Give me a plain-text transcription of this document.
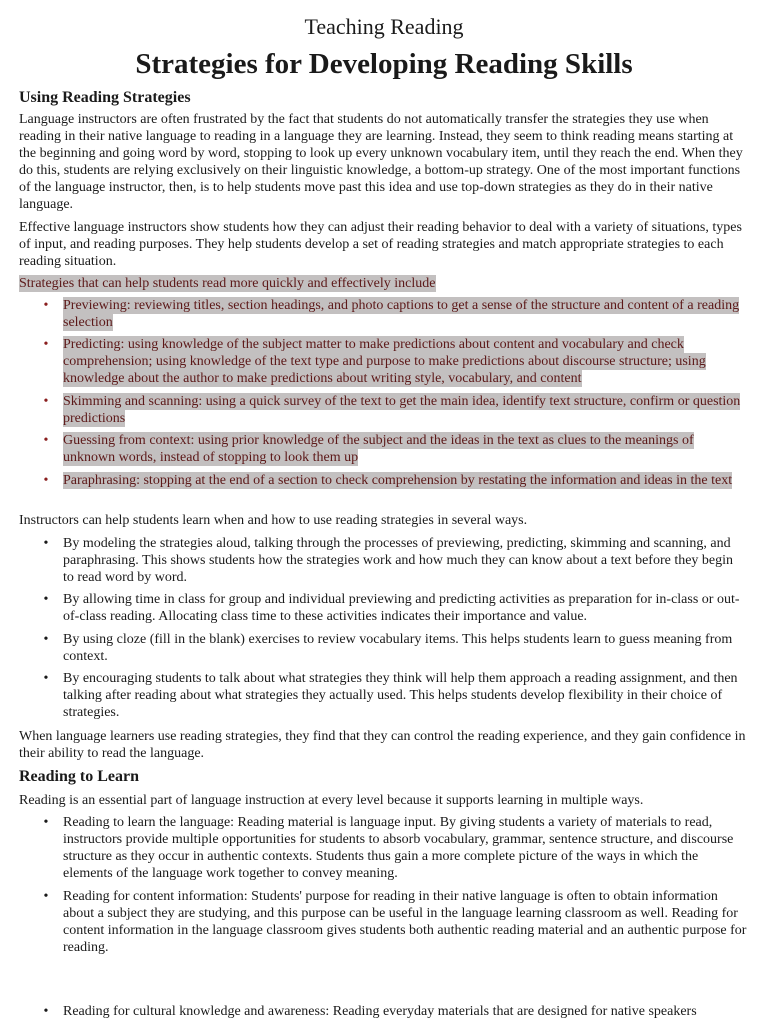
Teaching Reading
Strategies for Developing Reading Skills
Using Reading Strategies
Language instructors are often frustrated by the fact that students do not automatically transfer the strategies they use when reading in their native language to reading in a language they are learning. Instead, they seem to think reading means starting at the beginning and going word by word, stopping to look up every unknown vocabulary item, until they reach the end. When they do this, students are relying exclusively on their linguistic knowledge, a bottom-up strategy. One of the most important functions of the language instructor, then, is to help students move past this idea and use top-down strategies as they do in their native language.
Effective language instructors show students how they can adjust their reading behavior to deal with a variety of situations, types of input, and reading purposes. They help students develop a set of reading strategies and match appropriate strategies to each reading situation.
Strategies that can help students read more quickly and effectively include
• Previewing: reviewing titles, section headings, and photo captions to get a sense of the structure and content of a reading selection
• Predicting: using knowledge of the subject matter to make predictions about content and vocabulary and check comprehension; using knowledge of the text type and purpose to make predictions about discourse structure; using knowledge about the author to make predictions about writing style, vocabulary, and content
• Skimming and scanning: using a quick survey of the text to get the main idea, identify text structure, confirm or question predictions
• Guessing from context: using prior knowledge of the subject and the ideas in the text as clues to the meanings of unknown words, instead of stopping to look them up
• Paraphrasing: stopping at the end of a section to check comprehension by restating the information and ideas in the text
Instructors can help students learn when and how to use reading strategies in several ways.
• By modeling the strategies aloud, talking through the processes of previewing, predicting, skimming and scanning, and paraphrasing. This shows students how the strategies work and how much they can know about a text before they begin to read word by word.
• By allowing time in class for group and individual previewing and predicting activities as preparation for in-class or out-of-class reading. Allocating class time to these activities indicates their importance and value.
• By using cloze (fill in the blank) exercises to review vocabulary items. This helps students learn to guess meaning from context.
• By encouraging students to talk about what strategies they think will help them approach a reading assignment, and then talking after reading about what strategies they actually used. This helps students develop flexibility in their choice of strategies.
When language learners use reading strategies, they find that they can control the reading experience, and they gain confidence in their ability to read the language.
Reading to Learn
Reading is an essential part of language instruction at every level because it supports learning in multiple ways.
• Reading to learn the language: Reading material is language input. By giving students a variety of materials to read, instructors provide multiple opportunities for students to absorb vocabulary, grammar, sentence structure, and discourse structure as they occur in authentic contexts. Students thus gain a more complete picture of the ways in which the elements of the language work together to convey meaning.
• Reading for content information: Students' purpose for reading in their native language is often to obtain information about a subject they are studying, and this purpose can be useful in the language learning classroom as well. Reading for content information in the language classroom gives students both authentic reading material and an authentic purpose for reading.
• Reading for cultural knowledge and awareness: Reading everyday materials that are designed for native speakers
